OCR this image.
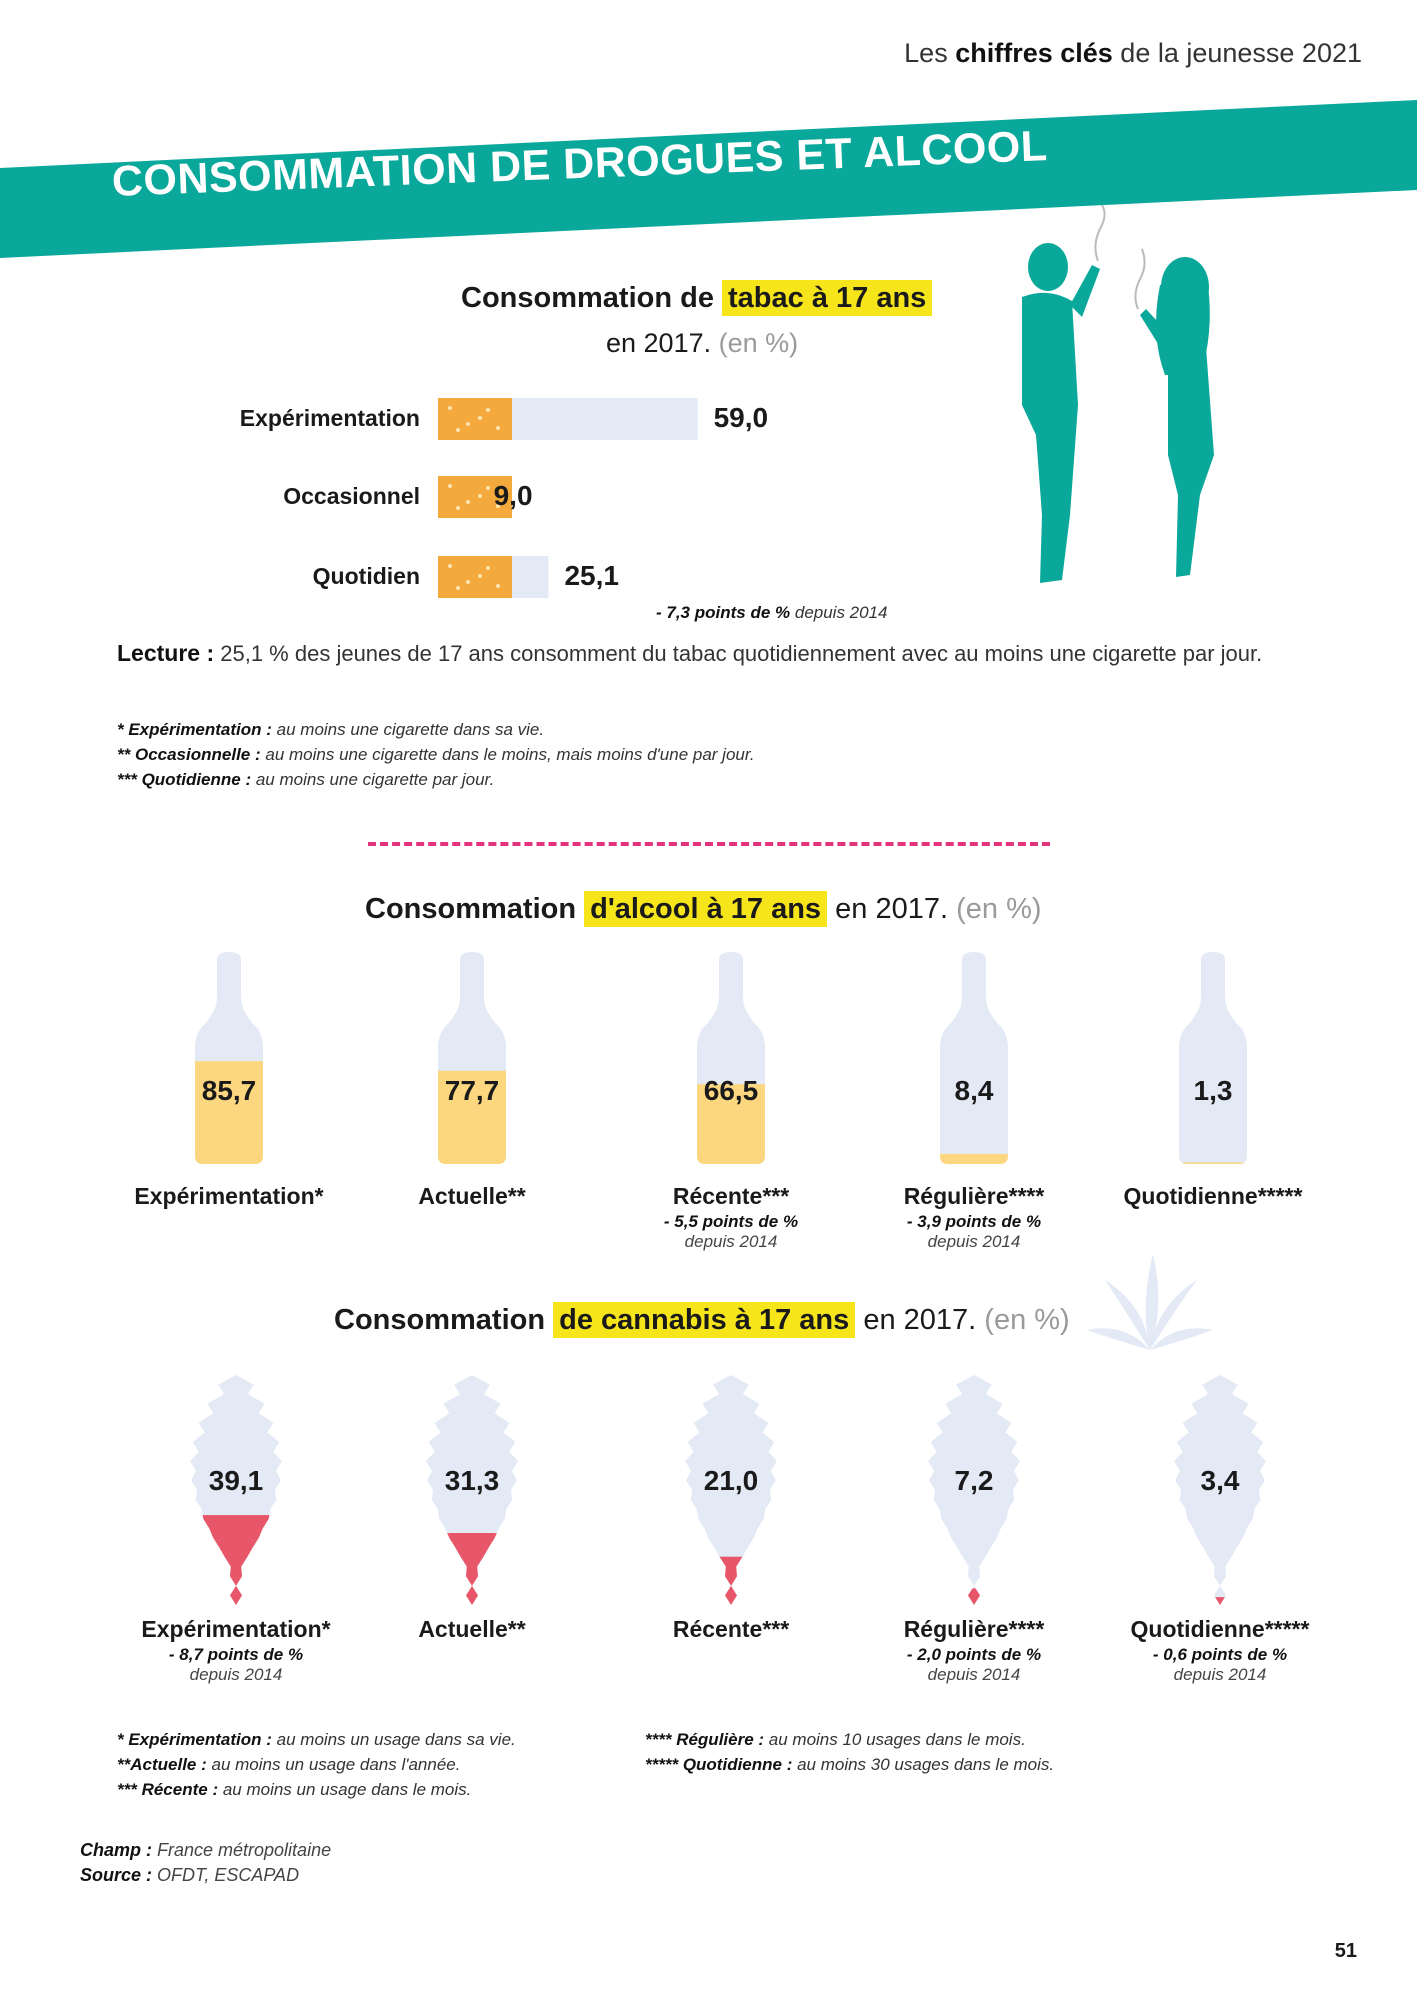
Les chiffres clés de la jeunesse 2021
CONSOMMATION DE DROGUES ET ALCOOL
Consommation de tabac à 17 ans
en 2017. (en %)
Expérimentation	59,0
Occasionnel	9,0
Quotidien	25,1
- 7,3 points de % depuis 2014
Lecture : 25,1 % des jeunes de 17 ans consomment du tabac quotidiennement avec au moins une cigarette par jour.
* Expérimentation : au moins une cigarette dans sa vie.
** Occasionnelle : au moins une cigarette dans le moins, mais moins d'une par jour.
*** Quotidienne : au moins une cigarette par jour.
Consommation d'alcool à 17 ans en 2017. (en %)
85,7	77,7	66,5	8,4	1,3
Expérimentation*	Actuelle**	Récente***
- 5,5 points de %
depuis 2014
Régulière****
- 3,9 points de %
depuis 2014
Quotidienne*****
Consommation de cannabis à 17 ans en 2017. (en %)
39,1	31,3	21,0	7,2	3,4
Expérimentation*
- 8,7 points de %
depuis 2014
Actuelle**	Récente***	Régulière****
- 2,0 points de %
depuis 2014
Quotidienne*****
- 0,6 points de %
depuis 2014
* Expérimentation : au moins un usage dans sa vie.
**Actuelle : au moins un usage dans l'année.
*** Récente : au moins un usage dans le mois.
**** Régulière : au moins 10 usages dans le mois.
***** Quotidienne : au moins 30 usages dans le mois.
Champ : France métropolitaine
Source : OFDT, ESCAPAD
51
